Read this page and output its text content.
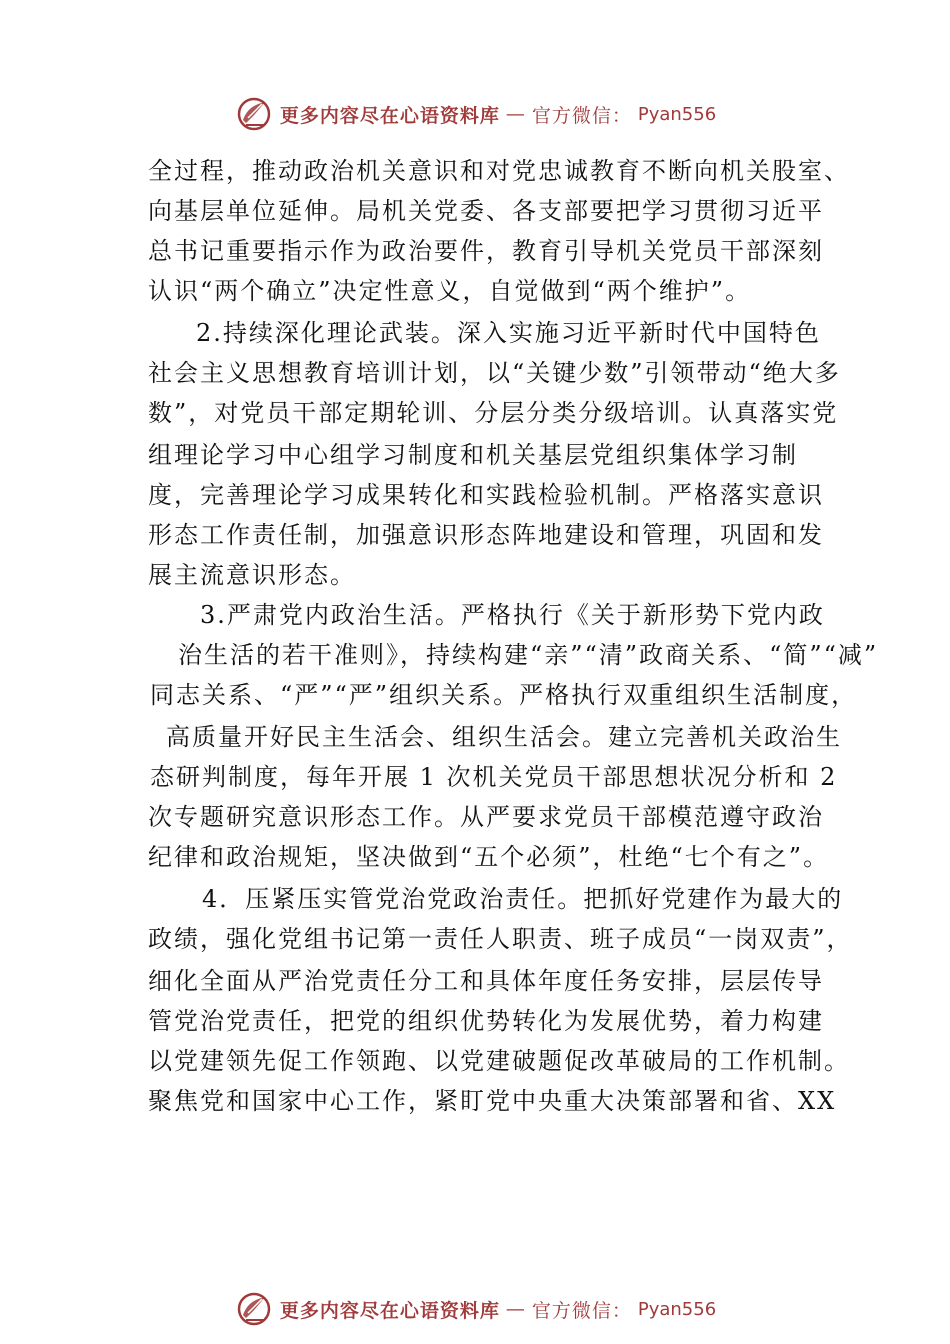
更多内容尽在心语资料库 — 官方微信： Pyan556
全过程，推动政治机关意识和对党忠诚教育不断向机关股室、
向基层单位延伸。局机关党委、各支部要把学习贯彻习近平
总书记重要指示作为政治要件，教育引导机关党员干部深刻
认识“两个确立”决定性意义，自觉做到“两个维护”。
2.持续深化理论武装。深入实施习近平新时代中国特色
社会主义思想教育培训计划，以“关键少数”引领带动“绝大多
数”，对党员干部定期轮训、分层分类分级培训。认真落实党
组理论学习中心组学习制度和机关基层党组织集体学习制
度，完善理论学习成果转化和实践检验机制。严格落实意识
形态工作责任制，加强意识形态阵地建设和管理，巩固和发
展主流意识形态。
3.严肃党内政治生活。严格执行《关于新形势下党内政
治生活的若干准则》，持续构建“亲”“清”政商关系、“简”“减”
同志关系、“严”“严”组织关系。严格执行双重组织生活制度，
高质量开好民主生活会、组织生活会。建立完善机关政治生
态研判制度，每年开展 1 次机关党员干部思想状况分析和 2
次专题研究意识形态工作。从严要求党员干部模范遵守政治
纪律和政治规矩，坚决做到“五个必须”，杜绝“七个有之”。
4．压紧压实管党治党政治责任。把抓好党建作为最大的
政绩，强化党组书记第一责任人职责、班子成员“一岗双责”，
细化全面从严治党责任分工和具体年度任务安排，层层传导
管党治党责任，把党的组织优势转化为发展优势，着力构建
以党建领先促工作领跑、以党建破题促改革破局的工作机制。
聚焦党和国家中心工作，紧盯党中央重大决策部署和省、XX
更多内容尽在心语资料库 — 官方微信： Pyan556
